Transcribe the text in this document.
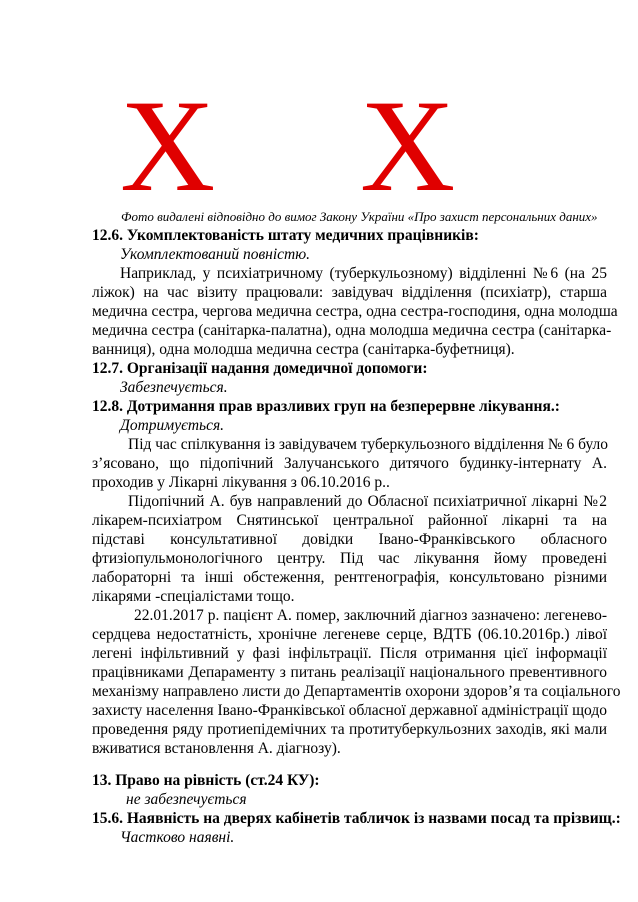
X X
Фото видалені відповідно до вимог Закону України «Про захист персональних даних»
12.6. Укомплектованість штату медичних працівників:
Укомплектований повністю.
Наприклад, у психіатричному (туберкульозному) відділенні №6 (на 25
ліжок) на час візиту працювали: завідувач відділення (психіатр), старша
медична сестра, чергова медична сестра, одна сестра-господиня, одна молодша
медична сестра (санітарка-палатна), одна молодша медична сестра (санітарка-
ванниця), одна молодша медична сестра (санітарка-буфетниця).
12.7. Організації надання домедичної допомоги:
Забезпечується.
12.8. Дотримання прав вразливих груп на безперервне лікування.:
Дотримується.
Під час спілкування із завідувачем туберкульозного відділення № 6 було
з’ясовано, що підопічний Залучанського дитячого будинку-інтернату А.
проходив у Лікарні лікування з 06.10.2016 р..
Підопічний А. був направлений до Обласної психіатричної лікарні №2
лікарем-психіатром Снятинської центральної районної лікарні та на
підставі консультативної довідки Івано-Франківського обласного
фтизіопульмонологічного центру. Під час лікування йому проведені
лабораторні та інші обстеження, рентгенографія, консультовано різними
лікарями -спеціалістами тощо.
22.01.2017 р. пацієнт А. помер, заключний діагноз зазначено: легенево-
сердцева недостатність, хронічне легеневе серце, ВДТБ (06.10.2016р.) лівої
легені інфільтивний у фазі інфільтрації. Після отримання цієї інформації
працівниками Депараменту з питань реалізації національного превентивного
механізму направлено листи до Департаментів охорони здоров’я та соціального
захисту населення Івано-Франківської обласної державної адміністрації щодо
проведення ряду протиепідемічних та протитуберкульозних заходів, які мали
вживатися встановлення А. діагнозу).
13. Право на рівність (ст.24 КУ):
не забезпечується
15.6. Наявність на дверях кабінетів табличок із назвами посад та прізвищ.:
Частково наявні.
